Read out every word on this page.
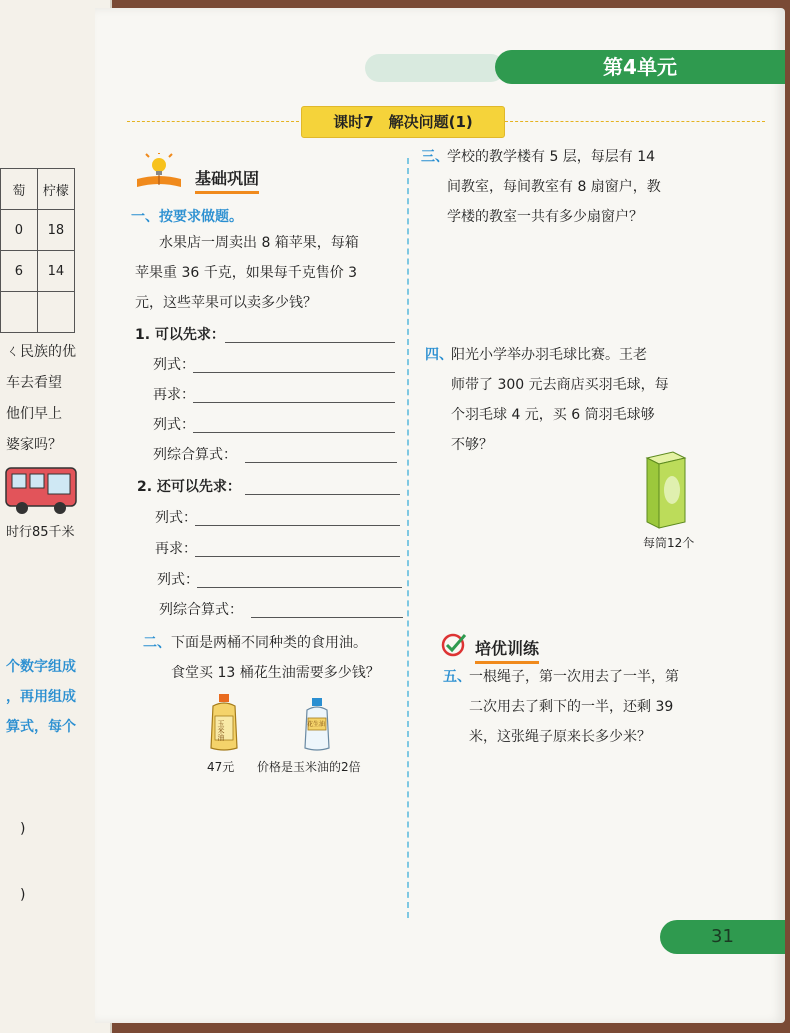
萄	柠檬
0	18
6	14

ㄑ民族的优
车去看望
他们早上
婆家吗？
时行85千米
个数字组成
，再用组成
算式，每个
)
)
第4单元
课时7　解决问题(1)
基础巩固
一、按要求做题。
水果店一周卖出 8 箱苹果，每箱
苹果重 36 千克，如果每千克售价 3
元，这些苹果可以卖多少钱？
1. 可以先求：
列式：
再求：
列式：
列综合算式：
2. 还可以先求：
列式：
再求：
列式：
列综合算式：
二、 下面是两桶不同种类的食用油。
食堂买 13 桶花生油需要多少钱？
玉米油	花生油
47元 价格是玉米油的2倍
三、
学校的教学楼有 5 层，每层有 14
间教室，每间教室有 8 扇窗户，教
学楼的教室一共有多少扇窗户？
四、
阳光小学举办羽毛球比赛。王老
师带了 300 元去商店买羽毛球，每
个羽毛球 4 元，买 6 筒羽毛球够
不够？
每筒12个
培优训练
五、
一根绳子，第一次用去了一半，第
二次用去了剩下的一半，还剩 39
米，这张绳子原来长多少米？
31
